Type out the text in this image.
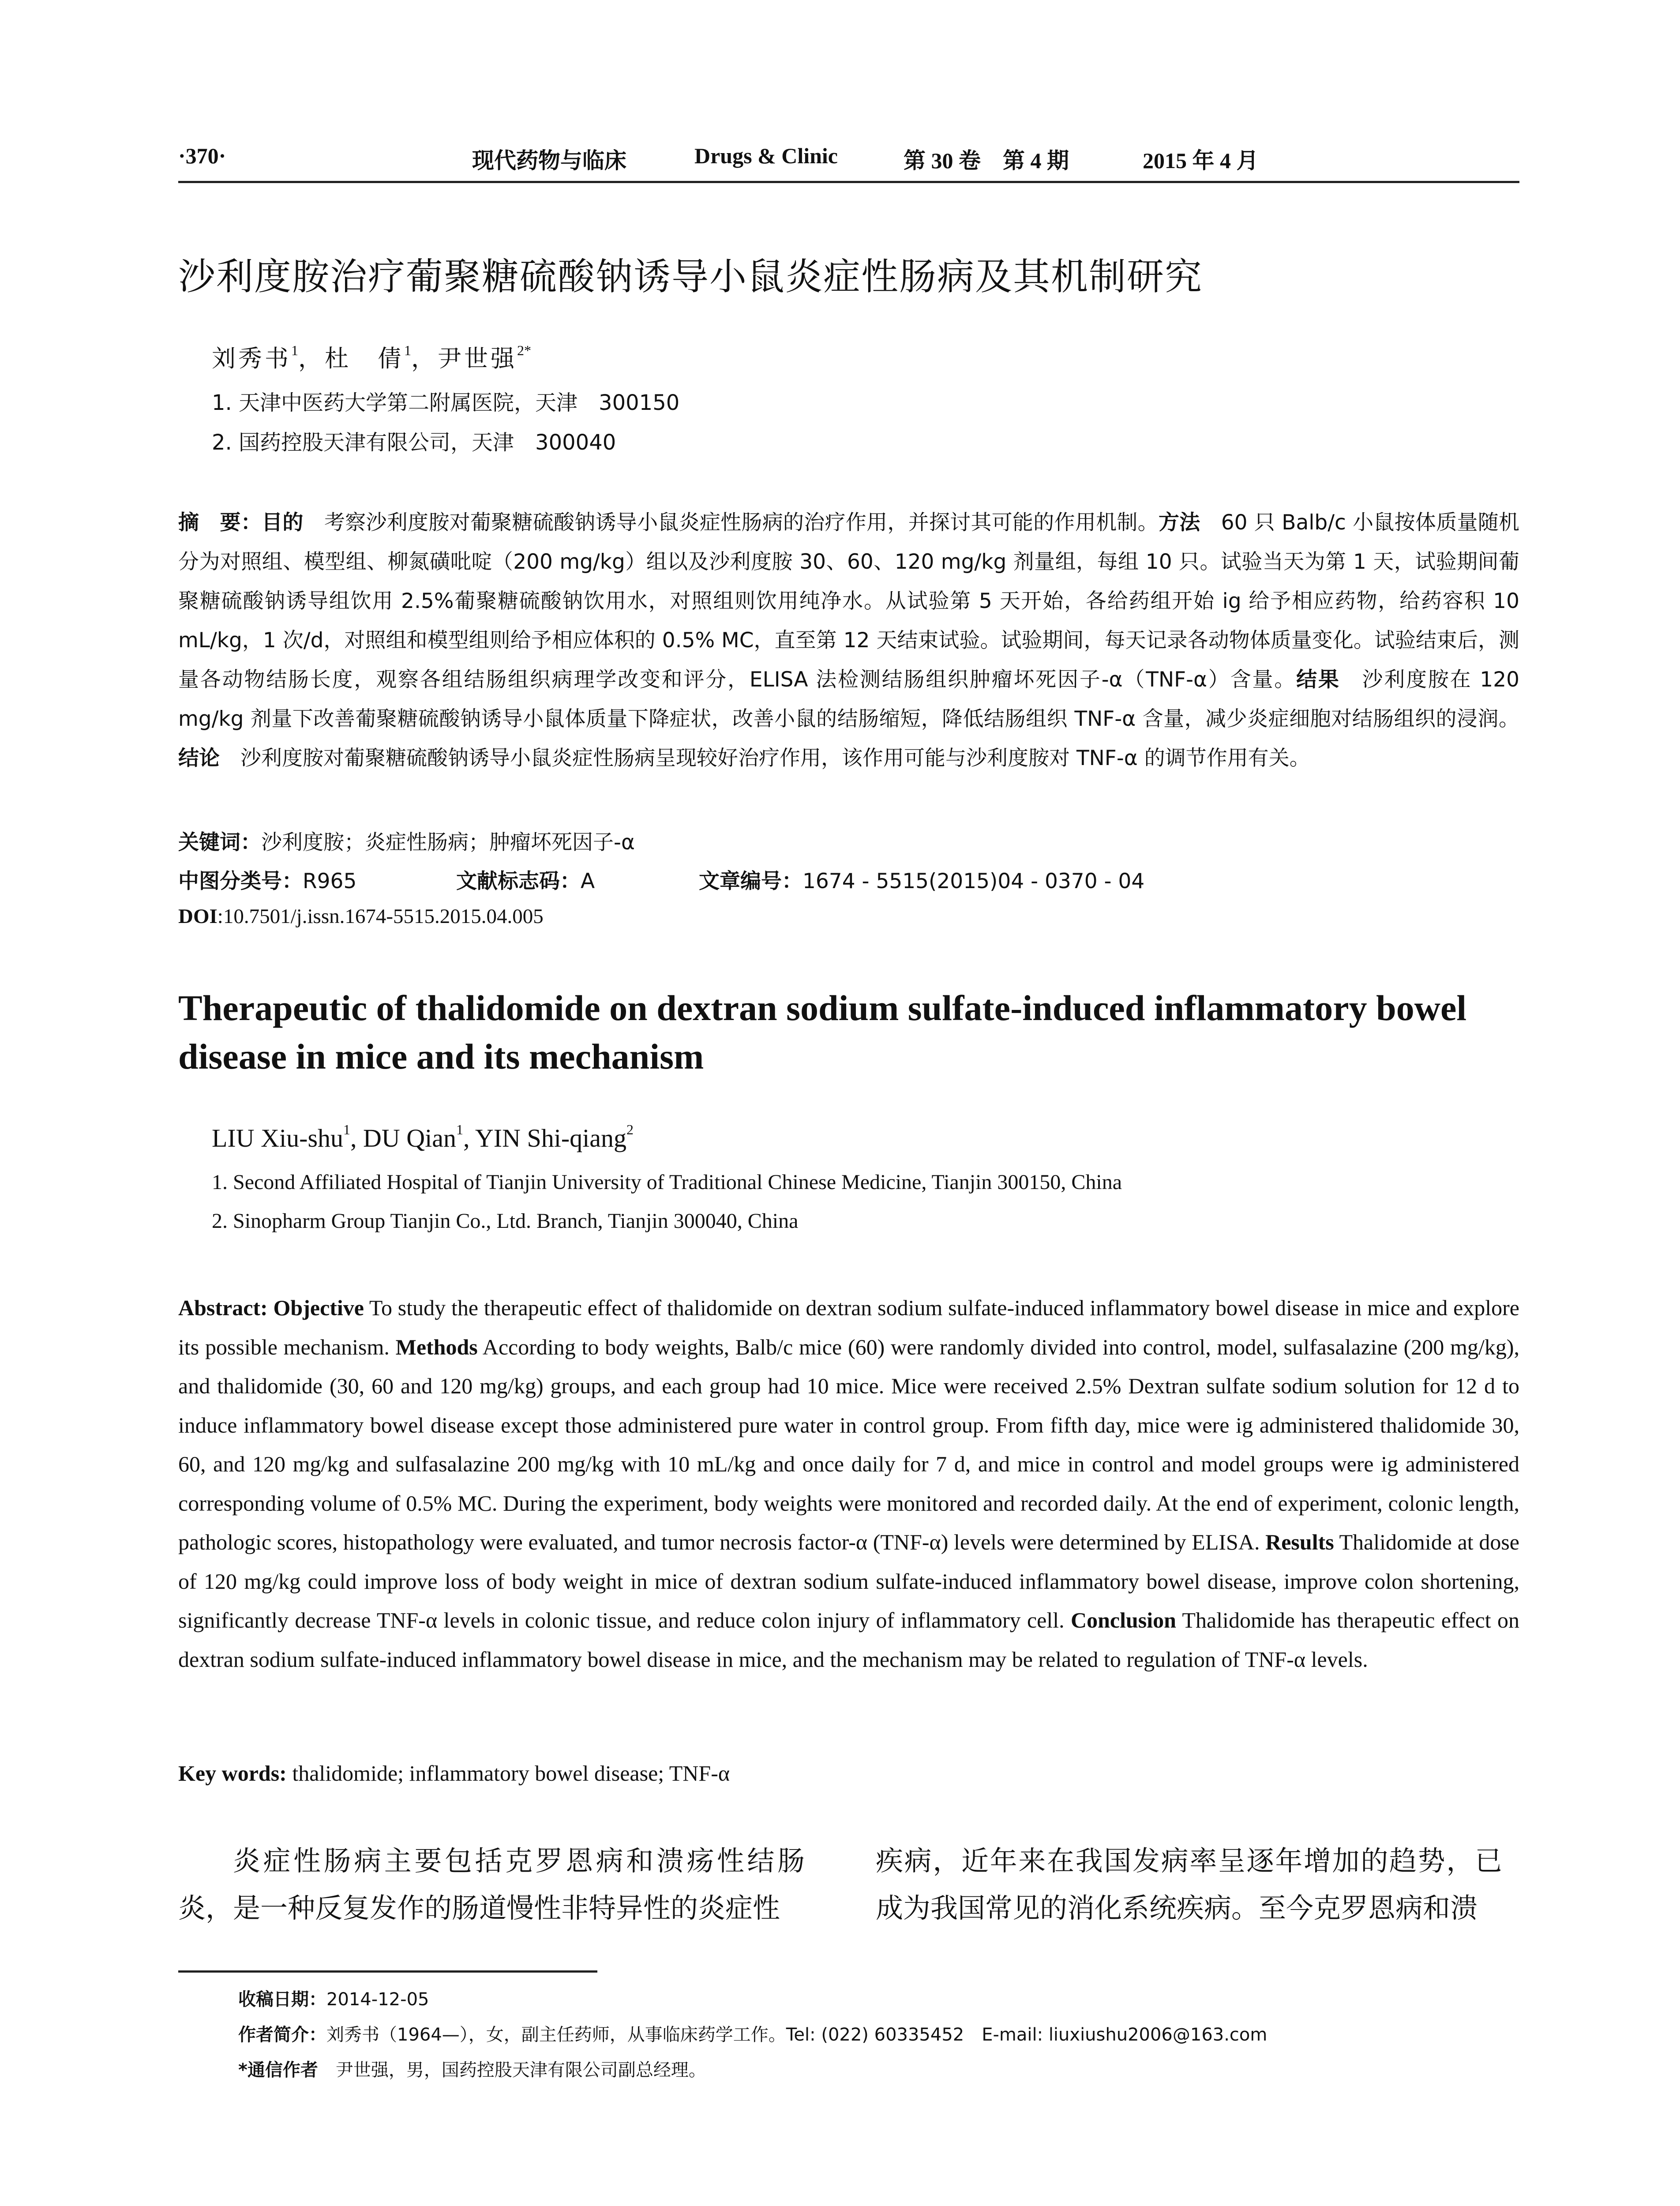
·370·	现代药物与临床	Drugs & Clinic	第 30 卷　第 4 期	2015 年 4 月
沙利度胺治疗葡聚糖硫酸钠诱导小鼠炎症性肠病及其机制研究
刘秀书$^1$，杜　倩$^1$，尹世强$^{2*}$
1. 天津中医药大学第二附属医院，天津　300150
2. 国药控股天津有限公司，天津　300040
摘　要：目的　考察沙利度胺对葡聚糖硫酸钠诱导小鼠炎症性肠病的治疗作用，并探讨其可能的作用机制。方法　60 只 Balb/c 小鼠按体质量随机分为对照组、模型组、柳氮磺吡啶（200 mg/kg）组以及沙利度胺 30、60、120 mg/kg 剂量组，每组 10 只。试验当天为第 1 天，试验期间葡聚糖硫酸钠诱导组饮用 2.5%葡聚糖硫酸钠饮用水，对照组则饮用纯净水。从试验第 5 天开始，各给药组开始 ig 给予相应药物，给药容积 10 mL/kg，1 次/d，对照组和模型组则给予相应体积的 0.5% MC，直至第 12 天结束试验。试验期间，每天记录各动物体质量变化。试验结束后，测量各动物结肠长度，观察各组结肠组织病理学改变和评分，ELISA 法检测结肠组织肿瘤坏死因子-α（TNF-α）含量。结果　沙利度胺在 120 mg/kg 剂量下改善葡聚糖硫酸钠诱导小鼠体质量下降症状，改善小鼠的结肠缩短，降低结肠组织 TNF-α 含量，减少炎症细胞对结肠组织的浸润。结论　沙利度胺对葡聚糖硫酸钠诱导小鼠炎症性肠病呈现较好治疗作用，该作用可能与沙利度胺对 TNF-α 的调节作用有关。
关键词：沙利度胺；炎症性肠病；肿瘤坏死因子-α
中图分类号：R965	文献标志码：A	文章编号：1674 - 5515(2015)04 - 0370 - 04
DOI:10.7501/j.issn.1674-5515.2015.04.005
Therapeutic of thalidomide on dextran sodium sulfate-induced inflammatory bowel disease in mice and its mechanism
LIU Xiu-shu$^1$, DU Qian$^1$, YIN Shi-qiang$^2$
1. Second Affiliated Hospital of Tianjin University of Traditional Chinese Medicine, Tianjin 300150, China
2. Sinopharm Group Tianjin Co., Ltd. Branch, Tianjin 300040, China
Abstract: Objective To study the therapeutic effect of thalidomide on dextran sodium sulfate-induced inflammatory bowel disease in mice and explore its possible mechanism. Methods According to body weights, Balb/c mice (60) were randomly divided into control, model, sulfasalazine (200 mg/kg), and thalidomide (30, 60 and 120 mg/kg) groups, and each group had 10 mice. Mice were received 2.5% Dextran sulfate sodium solution for 12 d to induce inflammatory bowel disease except those administered pure water in control group. From fifth day, mice were ig administered thalidomide 30, 60, and 120 mg/kg and sulfasalazine 200 mg/kg with 10 mL/kg and once daily for 7 d, and mice in control and model groups were ig administered corresponding volume of 0.5% MC. During the experiment, body weights were monitored and recorded daily. At the end of experiment, colonic length, pathologic scores, histopathology were evaluated, and tumor necrosis factor-α (TNF-α) levels were determined by ELISA. Results Thalidomide at dose of 120 mg/kg could improve loss of body weight in mice of dextran sodium sulfate-induced inflammatory bowel disease, improve colon shortening, significantly decrease TNF-α levels in colonic tissue, and reduce colon injury of inflammatory cell. Conclusion Thalidomide has therapeutic effect on dextran sodium sulfate-induced inflammatory bowel disease in mice, and the mechanism may be related to regulation of TNF-α levels.
Key words: thalidomide; inflammatory bowel disease; TNF-α
炎症性肠病主要包括克罗恩病和溃疡性结肠炎，是一种反复发作的肠道慢性非特异性的炎症性
疾病，近年来在我国发病率呈逐年增加的趋势，已成为我国常见的消化系统疾病。至今克罗恩病和溃
收稿日期：2014-12-05
作者简介：刘秀书（1964—），女，副主任药师，从事临床药学工作。Tel: (022) 60335452　E-mail: liuxiushu2006@163.com
*通信作者　尹世强，男，国药控股天津有限公司副总经理。
